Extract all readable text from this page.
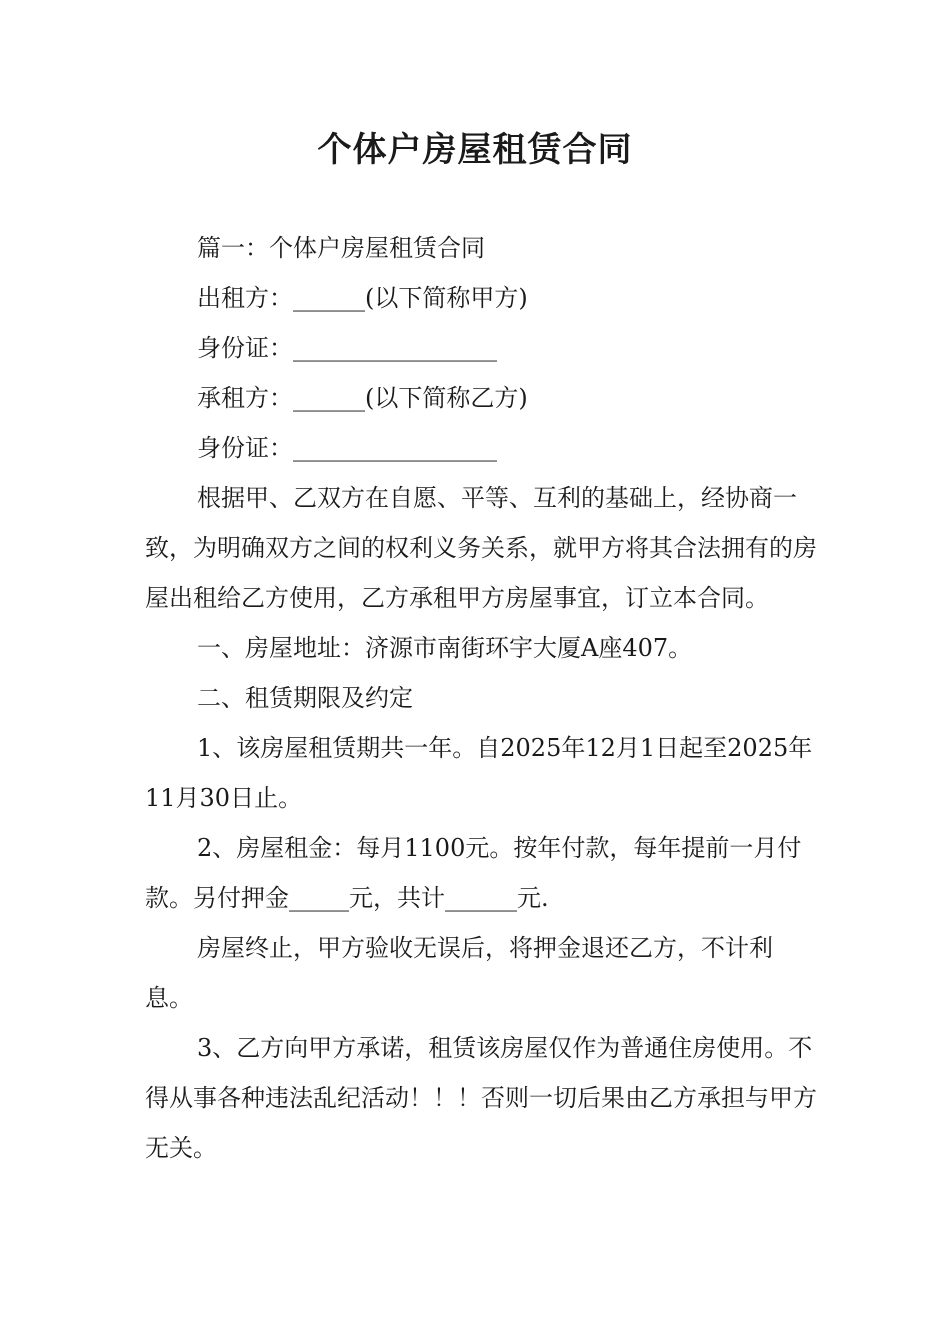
个体户房屋租赁合同
篇一：个体户房屋租赁合同
出租方：______(以下简称甲方)
身份证：_________________
承租方：______(以下简称乙方)
身份证：_________________

根据甲、乙双方在自愿、平等、互利的基础上，经协商一致，为明确双方之间的权利义务关系，就甲方将其合法拥有的房屋出租给乙方使用，乙方承租甲方房屋事宜，订立本合同。

一、房屋地址：济源市南街环宇大厦A座407。

二、租赁期限及约定

1、该房屋租赁期共一年。自2025年12月1日起至2025年11月30日止。

2、房屋租金：每月1100元。按年付款，每年提前一月付款。另付押金_____元，共计______元.

房屋终止，甲方验收无误后，将押金退还乙方，不计利息。

3、乙方向甲方承诺，租赁该房屋仅作为普通住房使用。不得从事各种违法乱纪活动！！！否则一切后果由乙方承担与甲方无关。
